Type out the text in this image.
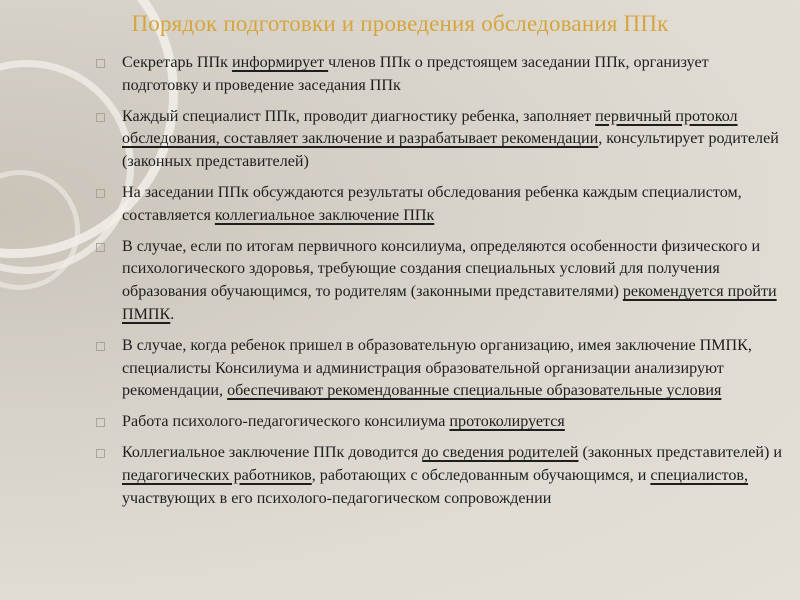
Порядок подготовки и проведения обследования ППк
Секретарь ППк информирует членов ППк о предстоящем заседании ППк, организует подготовку и проведение заседания ППк
Каждый специалист ППк, проводит диагностику ребенка, заполняет первичный протокол обследования, составляет заключение и разрабатывает рекомендации, консультирует родителей (законных представителей)
На заседании ППк обсуждаются результаты обследования ребенка каждым специалистом, составляется коллегиальное заключение ППк
В случае, если по итогам первичного консилиума, определяются особенности физического и психологического здоровья, требующие создания специальных условий для получения образования обучающимся, то родителям (законными представителями) рекомендуется пройти ПМПК.
В случае, когда ребенок пришел в образовательную организацию, имея заключение ПМПК, специалисты Консилиума и администрация образовательной организации анализируют рекомендации, обеспечивают рекомендованные специальные образовательные условия
Работа психолого-педагогического консилиума протоколируется
Коллегиальное заключение ППк доводится до сведения родителей (законных представителей) и педагогических работников, работающих с обследованным обучающимся, и специалистов, участвующих в его психолого-педагогическом сопровождении
